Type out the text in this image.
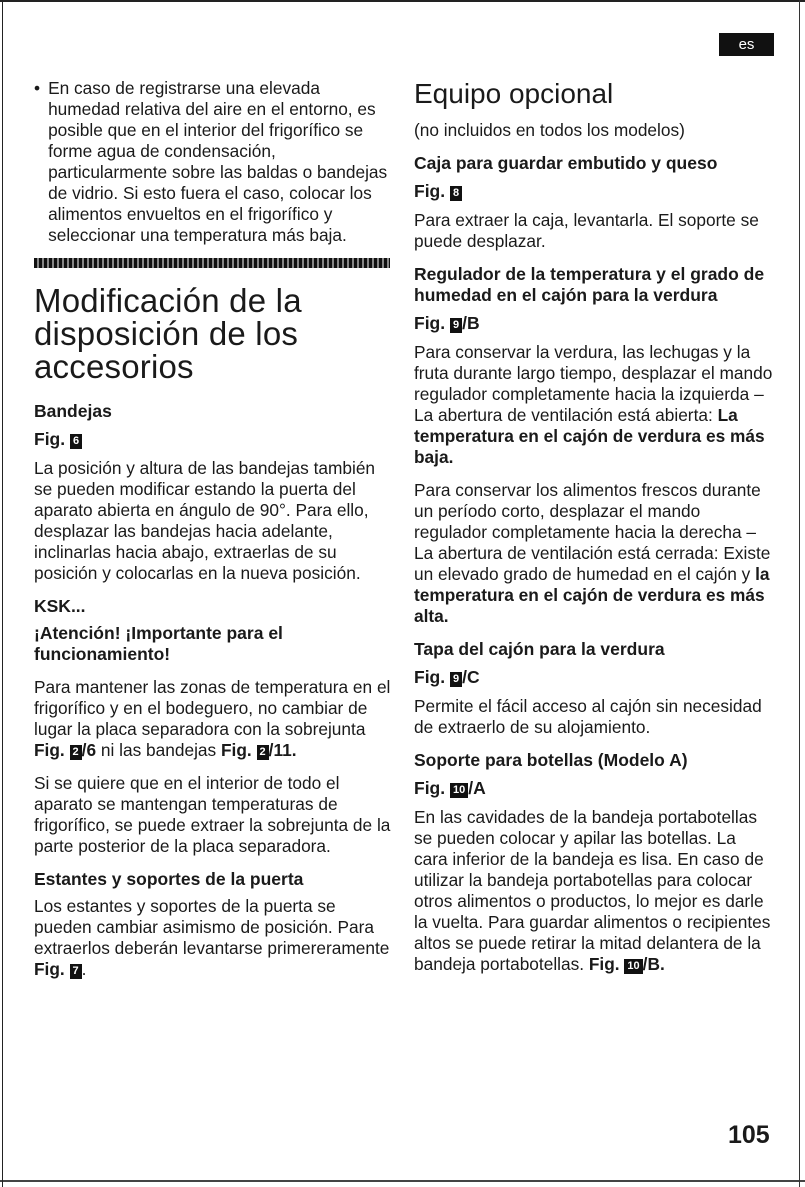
es
• En caso de registrarse una elevada humedad relativa del aire en el entorno, es posible que en el interior del frigorífico se forme agua de condensación, particularmente sobre las baldas o bandejas de vidrio. Si esto fuera el caso, colocar los alimentos envueltos en el frigorífico y seleccionar una temperatura más baja.
Modificación de la disposición de los accesorios
Bandejas
Fig. 6

La posición y altura de las bandejas también se pueden modificar estando la puerta del aparato abierta en ángulo de 90°. Para ello, desplazar las bandejas hacia adelante, inclinarlas hacia abajo, extraerlas de su posición y colocarlas en la nueva posición.

KSK...
¡Atención! ¡Importante para el funcionamiento!

Para mantener las zonas de temperatura en el frigorífico y en el bodeguero, no cambiar de lugar la placa separadora con la sobrejunta Fig. 2 /6 ni las bandejas Fig. 2 /11.

Si se quiere que en el interior de todo el aparato se mantengan temperaturas de frigorífico, se puede extraer la sobrejunta de la parte posterior de la placa separadora.

Estantes y soportes de la puerta

Los estantes y soportes de la puerta se pueden cambiar asimismo de posición. Para extraerlos deberán levantarse primereramente Fig. 7 .

Equipo opcional

(no incluidos en todos los modelos)

Caja para guardar embutido y queso
Fig. 8

Para extraer la caja, levantarla. El soporte se puede desplazar.

Regulador de la temperatura y el grado de humedad en el cajón para la verdura
Fig. 9 /B

Para conservar la verdura, las lechugas y la fruta durante largo tiempo, desplazar el mando regulador completamente hacia la izquierda – La abertura de ventilación está abierta: La temperatura en el cajón de verdura es más baja.

Para conservar los alimentos frescos durante un período corto, desplazar el mando regulador completamente hacia la derecha – La abertura de ventilación está cerrada: Existe un elevado grado de humedad en el cajón y la temperatura en el cajón de verdura es más alta.

Tapa del cajón para la verdura
Fig. 9 /C

Permite el fácil acceso al cajón sin necesidad de extraerlo de su alojamiento.

Soporte para botellas (Modelo A)
Fig. 10 /A

En las cavidades de la bandeja portabotellas se pueden colocar y apilar las botellas. La cara inferior de la bandeja es lisa. En caso de utilizar la bandeja portabotellas para colocar otros alimentos o productos, lo mejor es darle la vuelta. Para guardar alimentos o recipientes altos se puede retirar la mitad delantera de la bandeja portabotellas. Fig. 10 /B.

105
